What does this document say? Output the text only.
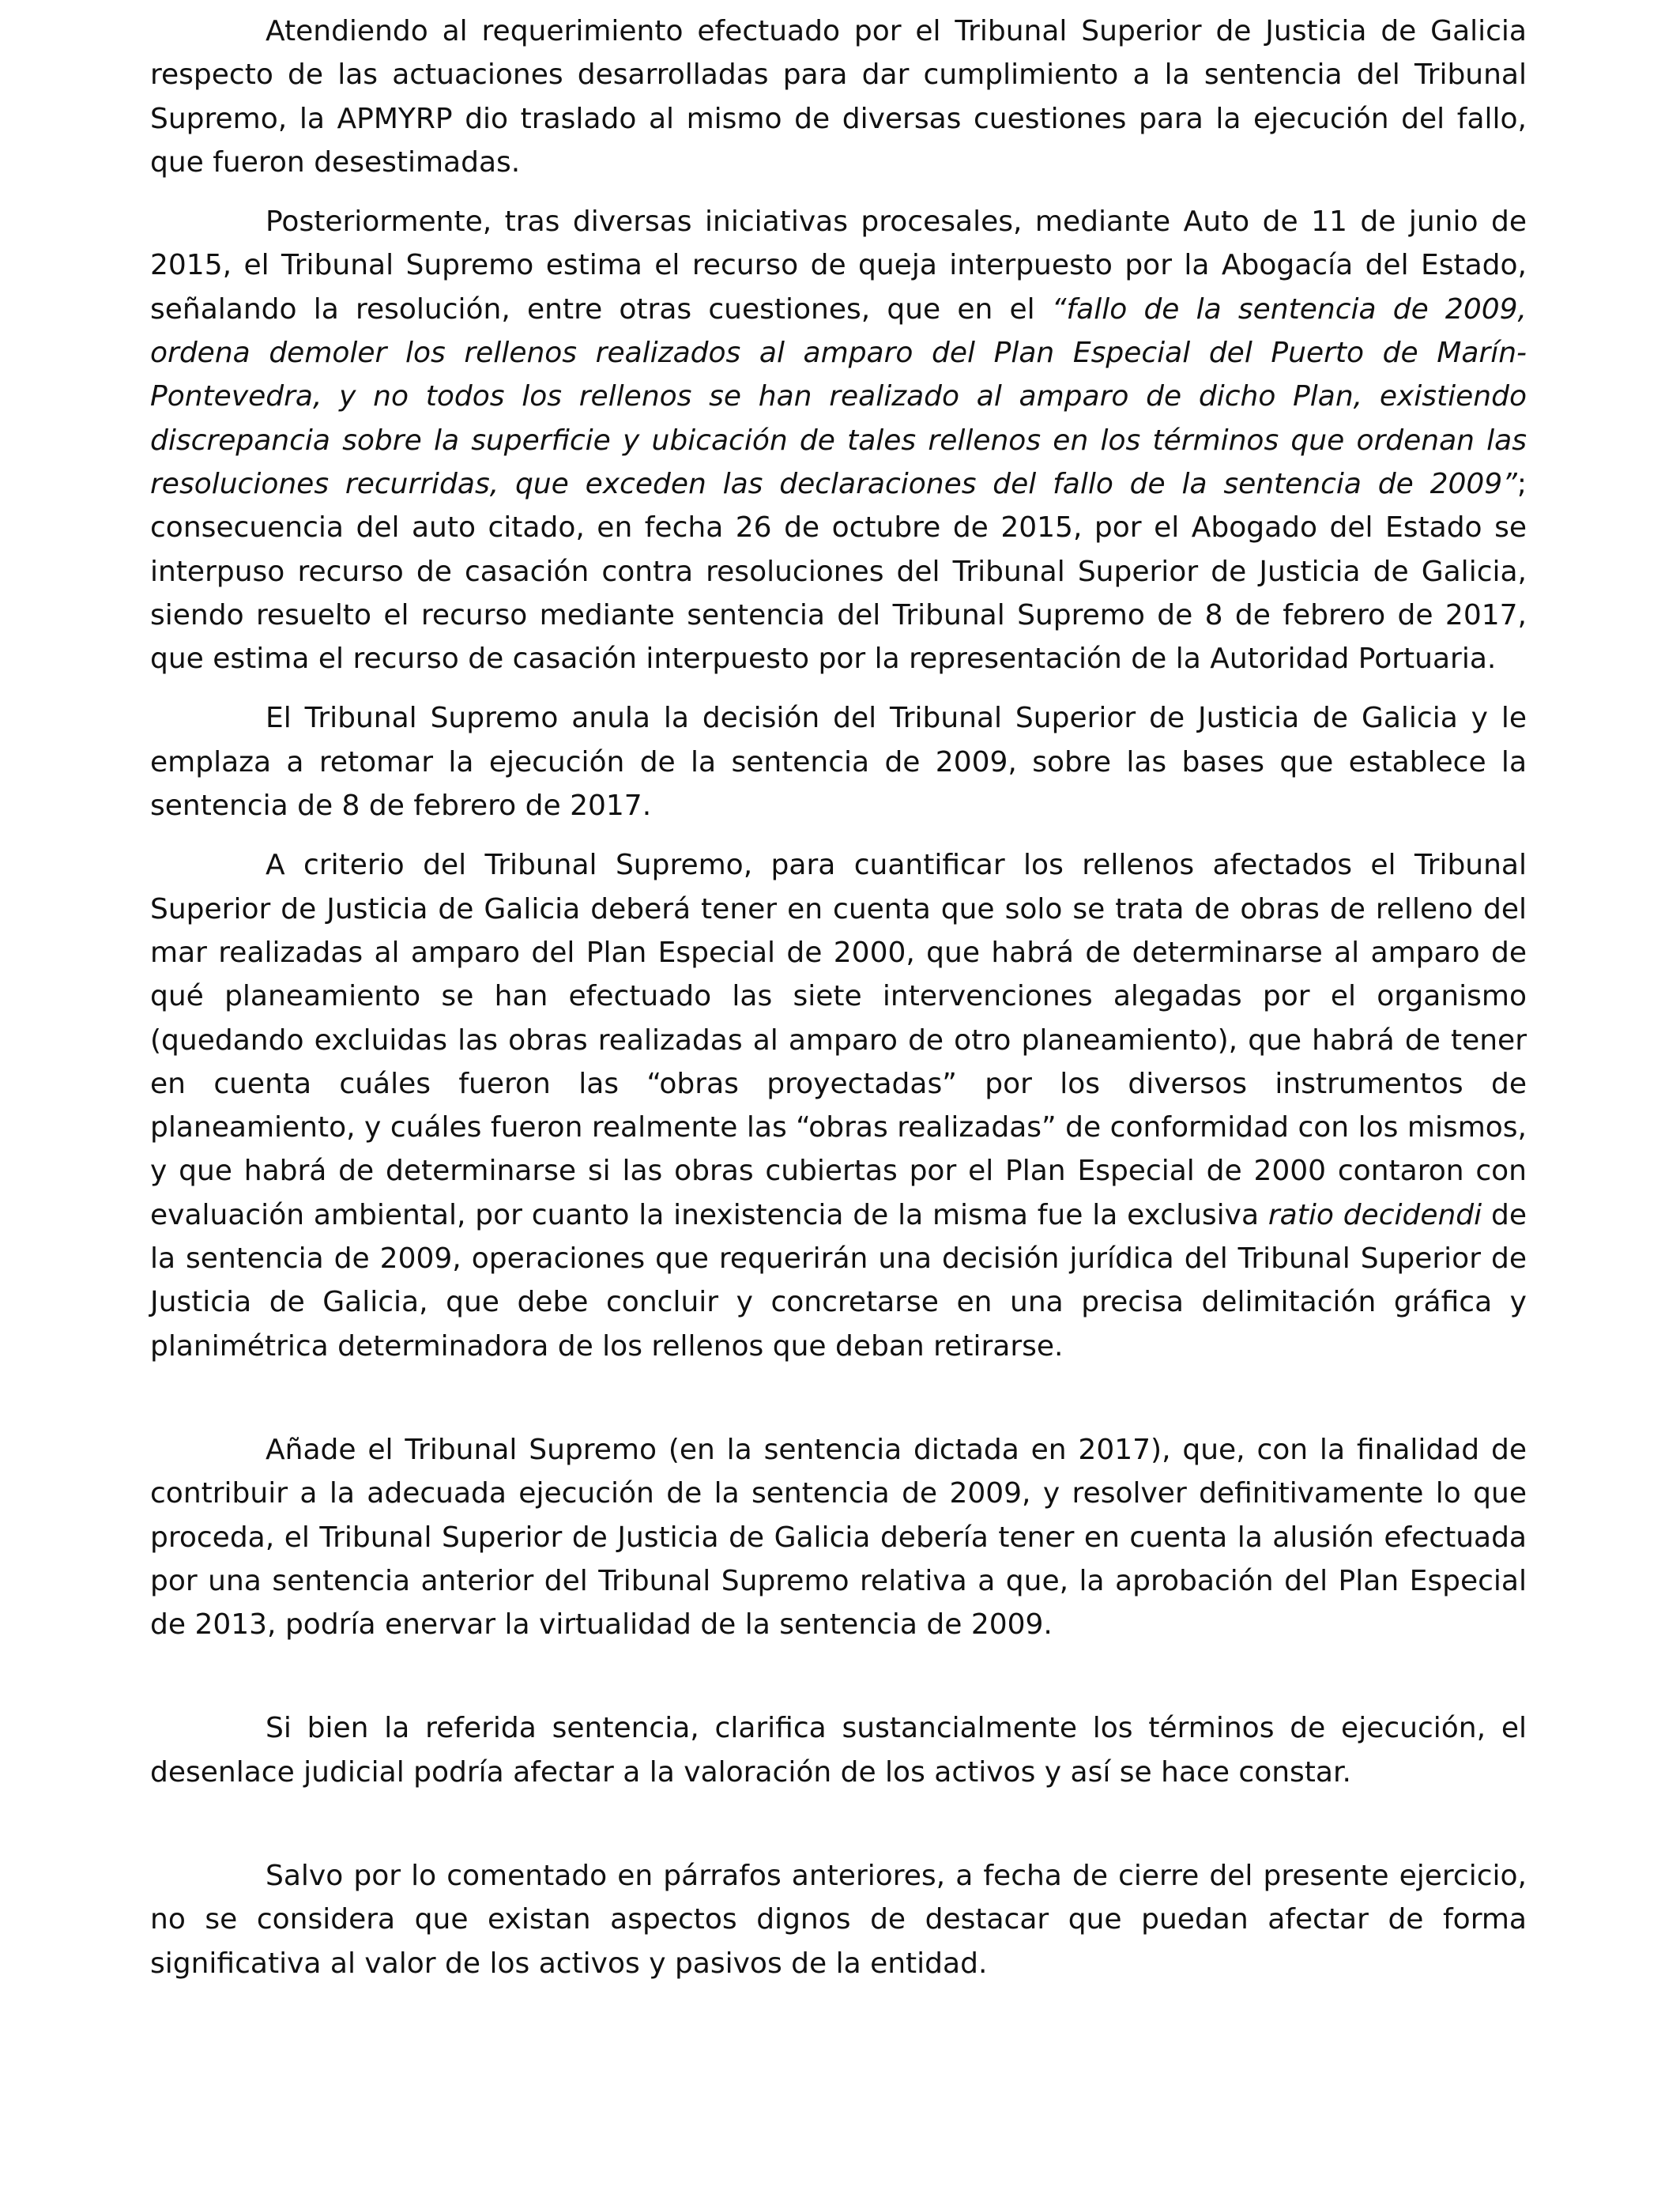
Atendiendo al requerimiento efectuado por el Tribunal Superior de Justicia de Galicia respecto de las actuaciones desarrolladas para dar cumplimiento a la sentencia del Tribunal Supremo, la APMYRP dio traslado al mismo de diversas cuestiones para la ejecución del fallo, que fueron desestimadas.

Posteriormente, tras diversas iniciativas procesales, mediante Auto de 11 de junio de 2015, el Tribunal Supremo estima el recurso de queja interpuesto por la Abogacía del Estado, señalando la resolución, entre otras cuestiones, que en el “fallo de la sentencia de 2009, ordena demoler los rellenos realizados al amparo del Plan Especial del Puerto de Marín-Pontevedra, y no todos los rellenos se han realizado al amparo de dicho Plan, existiendo discrepancia sobre la superficie y ubicación de tales rellenos en los términos que ordenan las resoluciones recurridas, que exceden las declaraciones del fallo de la sentencia de 2009”; consecuencia del auto citado, en fecha 26 de octubre de 2015, por el Abogado del Estado se interpuso recurso de casación contra resoluciones del Tribunal Superior de Justicia de Galicia, siendo resuelto el recurso mediante sentencia del Tribunal Supremo de 8 de febrero de 2017, que estima el recurso de casación interpuesto por la representación de la Autoridad Portuaria.

El Tribunal Supremo anula la decisión del Tribunal Superior de Justicia de Galicia y le emplaza a retomar la ejecución de la sentencia de 2009, sobre las bases que establece la sentencia de 8 de febrero de 2017.

A criterio del Tribunal Supremo, para cuantificar los rellenos afectados el Tribunal Superior de Justicia de Galicia deberá tener en cuenta que solo se trata de obras de relleno del mar realizadas al amparo del Plan Especial de 2000, que habrá de determinarse al amparo de qué planeamiento se han efectuado las siete intervenciones alegadas por el organismo (quedando excluidas las obras realizadas al amparo de otro planeamiento), que habrá de tener en cuenta cuáles fueron las “obras proyectadas” por los diversos instrumentos de planeamiento, y cuáles fueron realmente las “obras realizadas” de conformidad con los mismos, y que habrá de determinarse si las obras cubiertas por el Plan Especial de 2000 contaron con evaluación ambiental, por cuanto la inexistencia de la misma fue la exclusiva ratio decidendi de la sentencia de 2009, operaciones que requerirán una decisión jurídica del Tribunal Superior de Justicia de Galicia, que debe concluir y concretarse en una precisa delimitación gráfica y planimétrica determinadora de los rellenos que deban retirarse.

Añade el Tribunal Supremo (en la sentencia dictada en 2017), que, con la finalidad de contribuir a la adecuada ejecución de la sentencia de 2009, y resolver definitivamente lo que proceda, el Tribunal Superior de Justicia de Galicia debería tener en cuenta la alusión efectuada por una sentencia anterior del Tribunal Supremo relativa a que, la aprobación del Plan Especial de 2013, podría enervar la virtualidad de la sentencia de 2009.

Si bien la referida sentencia, clarifica sustancialmente los términos de ejecución, el desenlace judicial podría afectar a la valoración de los activos y así se hace constar.

Salvo por lo comentado en párrafos anteriores, a fecha de cierre del presente ejercicio, no se considera que existan aspectos dignos de destacar que puedan afectar de forma significativa al valor de los activos y pasivos de la entidad.
